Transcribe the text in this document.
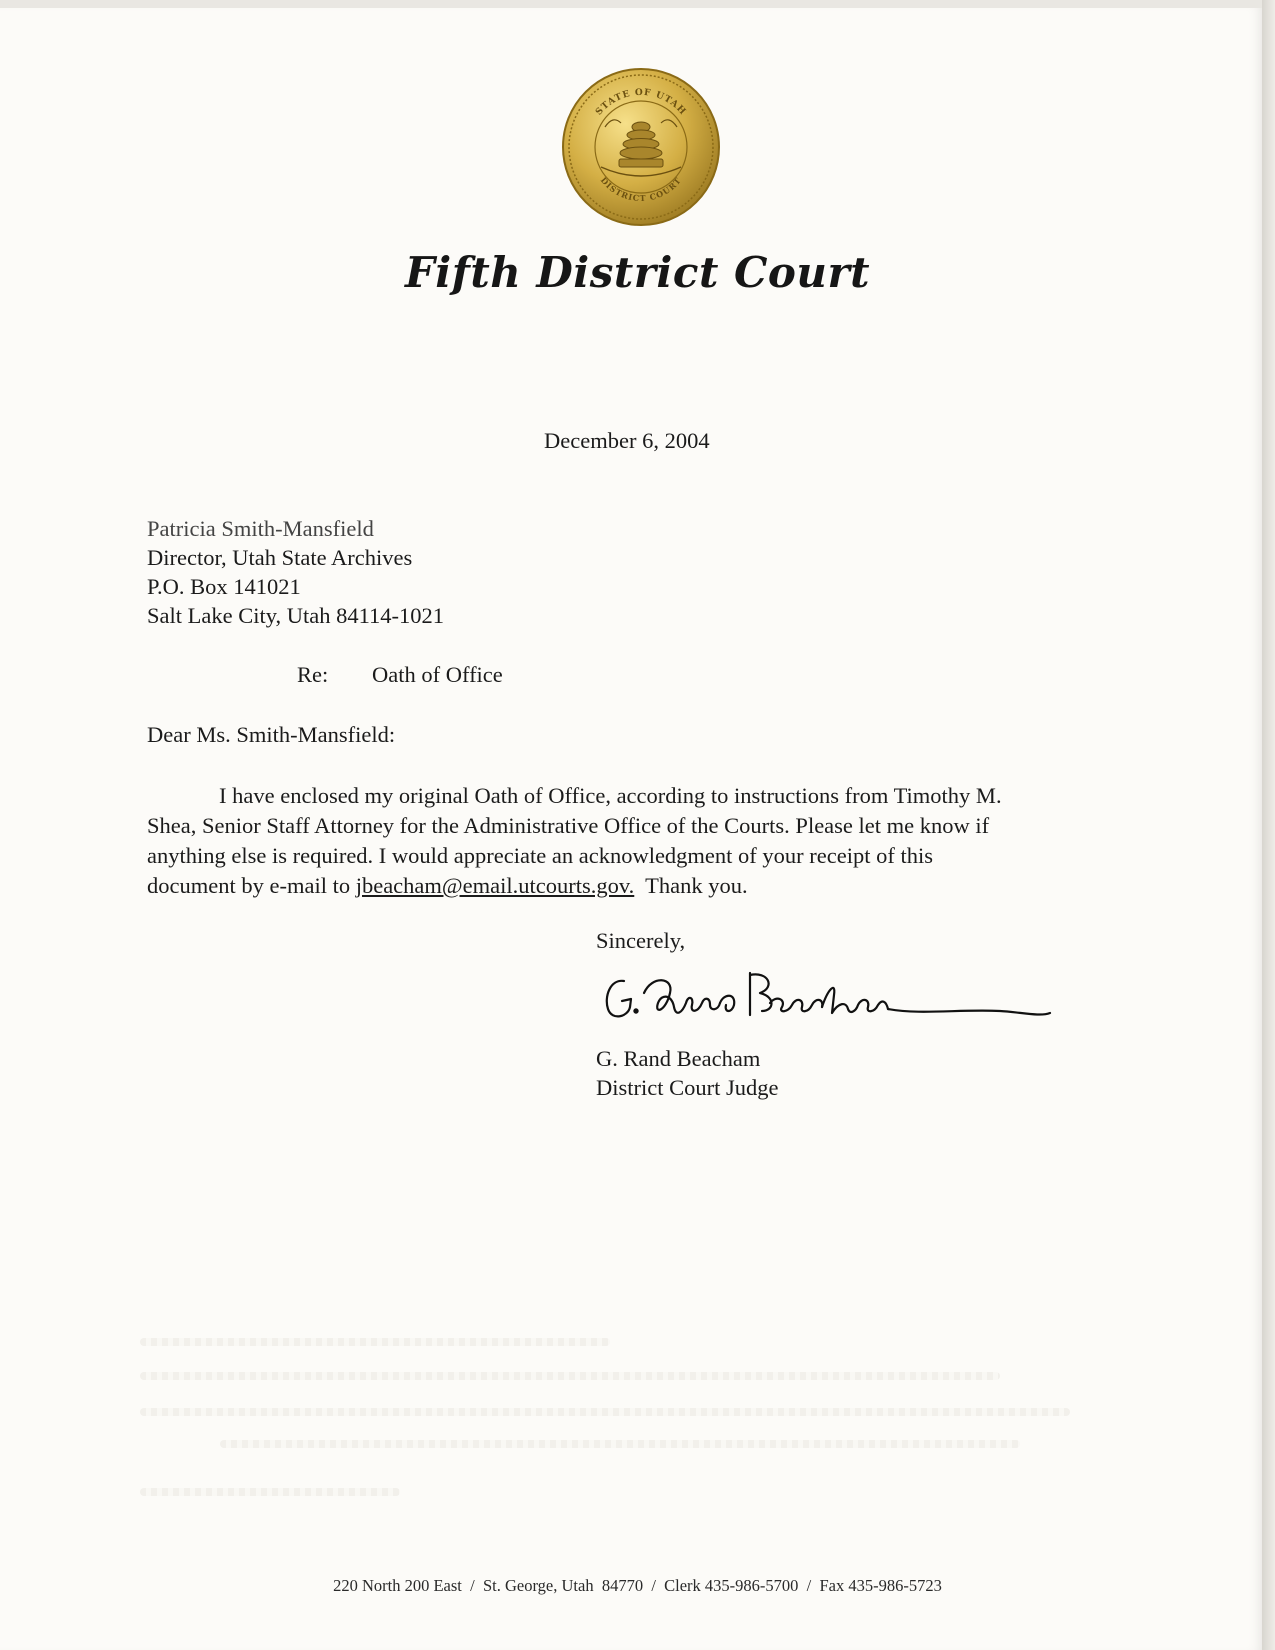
STATE OF UTAH
DISTRICT COURT
Fifth District Court
December 6, 2004
Patricia Smith-Mansfield
Director, Utah State Archives
P.O. Box 141021
Salt Lake City, Utah 84114-1021
Re: Oath of Office
Dear Ms. Smith-Mansfield:
I have enclosed my original Oath of Office, according to instructions from Timothy M.
Shea, Senior Staff Attorney for the Administrative Office of the Courts. Please let me know if
anything else is required. I would appreciate an acknowledgment of your receipt of this
document by e-mail to jbeacham@email.utcourts.gov.  Thank you.
Sincerely,
G. Rand Beacham
District Court Judge
220 North 200 East  /  St. George, Utah  84770  /  Clerk 435-986-5700  /  Fax 435-986-5723
